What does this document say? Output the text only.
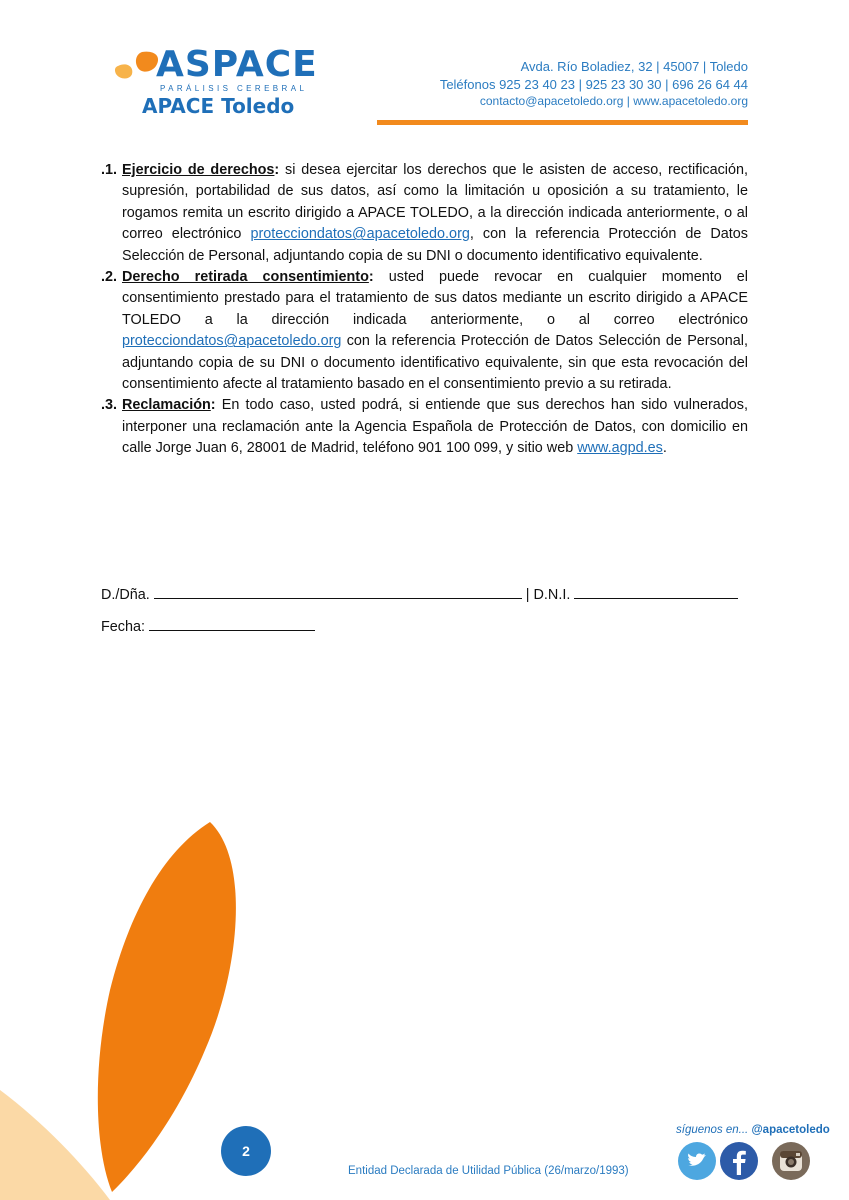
ASPACE
PARÁLISIS CEREBRAL
APACE Toledo
Avda. Río Boladiez, 32 | 45007 | Toledo
Teléfonos 925 23 40 23 | 925 23 30 30 | 696 26 64 44
contacto@apacetoledo.org | www.apacetoledo.org
.1. Ejercicio de derechos: si desea ejercitar los derechos que le asisten de acceso, rectificación, supresión, portabilidad de sus datos, así como la limitación u oposición a su tratamiento, le rogamos remita un escrito dirigido a APACE TOLEDO, a la dirección indicada anteriormente, o al correo electrónico protecciondatos@apacetoledo.org, con la referencia Protección de Datos Selección de Personal, adjuntando copia de su DNI o documento identificativo equivalente.
.2. Derecho retirada consentimiento: usted puede revocar en cualquier momento el consentimiento prestado para el tratamiento de sus datos mediante un escrito dirigido a APACE TOLEDO a la dirección indicada anteriormente, o al correo electrónico protecciondatos@apacetoledo.org con la referencia Protección de Datos Selección de Personal, adjuntando copia de su DNI o documento identificativo equivalente, sin que esta revocación del consentimiento afecte al tratamiento basado en el consentimiento previo a su retirada.
.3. Reclamación: En todo caso, usted podrá, si entiende que sus derechos han sido vulnerados, interponer una reclamación ante la Agencia Española de Protección de Datos, con domicilio en calle Jorge Juan 6, 28001 de Madrid, teléfono 901 100 099, y sitio web www.agpd.es.
D./Dña.	| D.N.I.
Fecha:
2
Entidad Declarada de Utilidad Pública (26/marzo/1993)
síguenos en... @apacetoledo
